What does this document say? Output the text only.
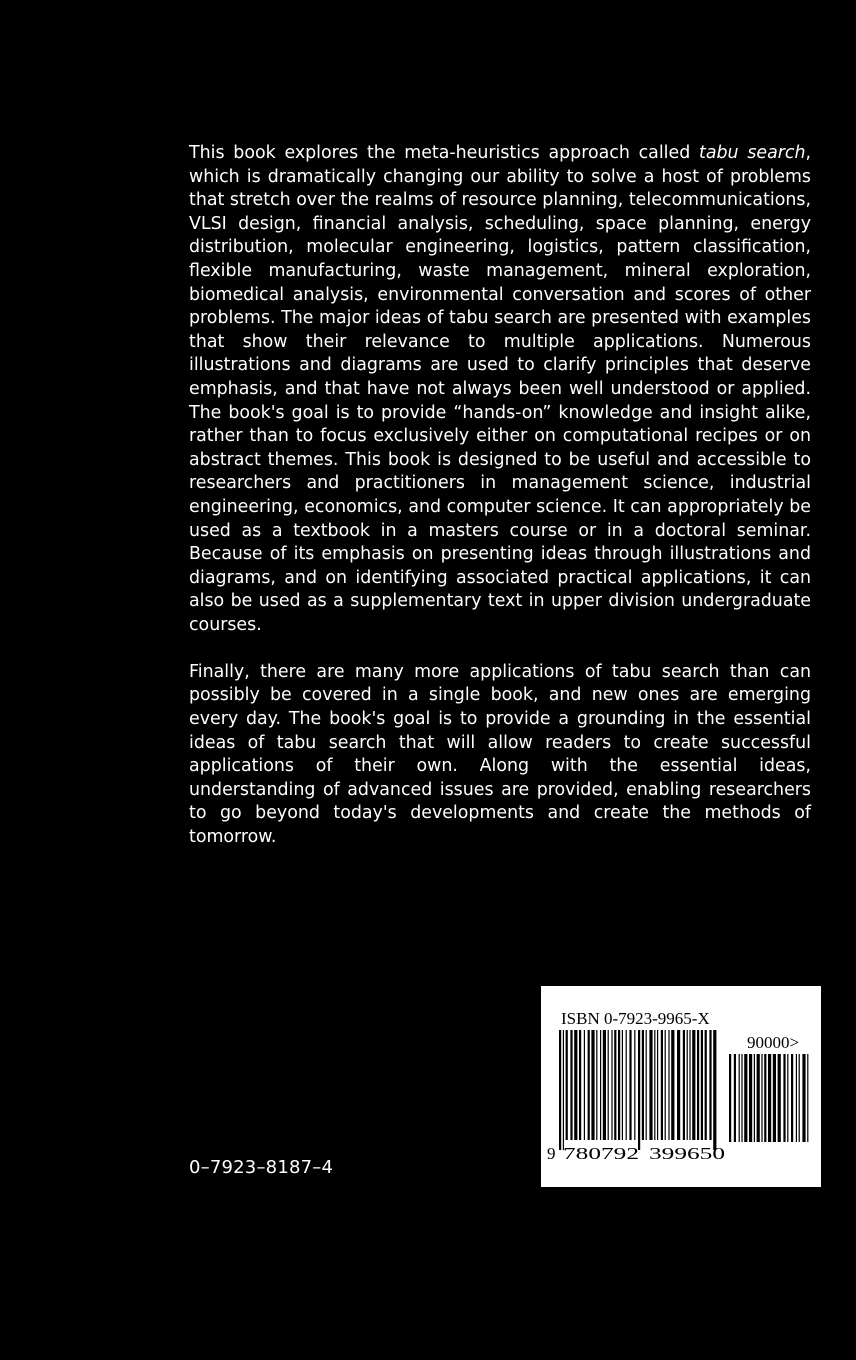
This book explores the meta-heuristics approach called tabu search, which is dramatically changing our ability to solve a host of problems that stretch over the realms of resource planning, telecommunications, VLSI design, financial analysis, scheduling, space planning, energy distribution, molecular engineering, logistics, pattern classification, flexible manufacturing, waste management, mineral exploration, biomedical analysis, environmental conversation and scores of other problems. The major ideas of tabu search are presented with examples that show their relevance to multiple applications. Numerous illustrations and diagrams are used to clarify principles that deserve emphasis, and that have not always been well understood or applied. The book's goal is to provide “hands-on” knowledge and insight alike, rather than to focus exclusively either on computational recipes or on abstract themes. This book is designed to be useful and accessible to researchers and practitioners in management science, industrial engineering, economics, and computer science. It can appropriately be used as a textbook in a masters course or in a doctoral seminar. Because of its emphasis on presenting ideas through illustrations and diagrams, and on identifying associated practical applications, it can also be used as a supplementary text in upper division undergraduate courses.

Finally, there are many more applications of tabu search than can possibly be covered in a single book, and new ones are emerging every day. The book's goal is to provide a grounding in the essential ideas of tabu search that will allow readers to create successful applications of their own. Along with the essential ideas, understanding of advanced issues are provided, enabling researchers to go beyond today's developments and create the methods of tomorrow.

0–7923–8187–4
ISBN 0-7923-9965-X
90000>
9 780792 399650
